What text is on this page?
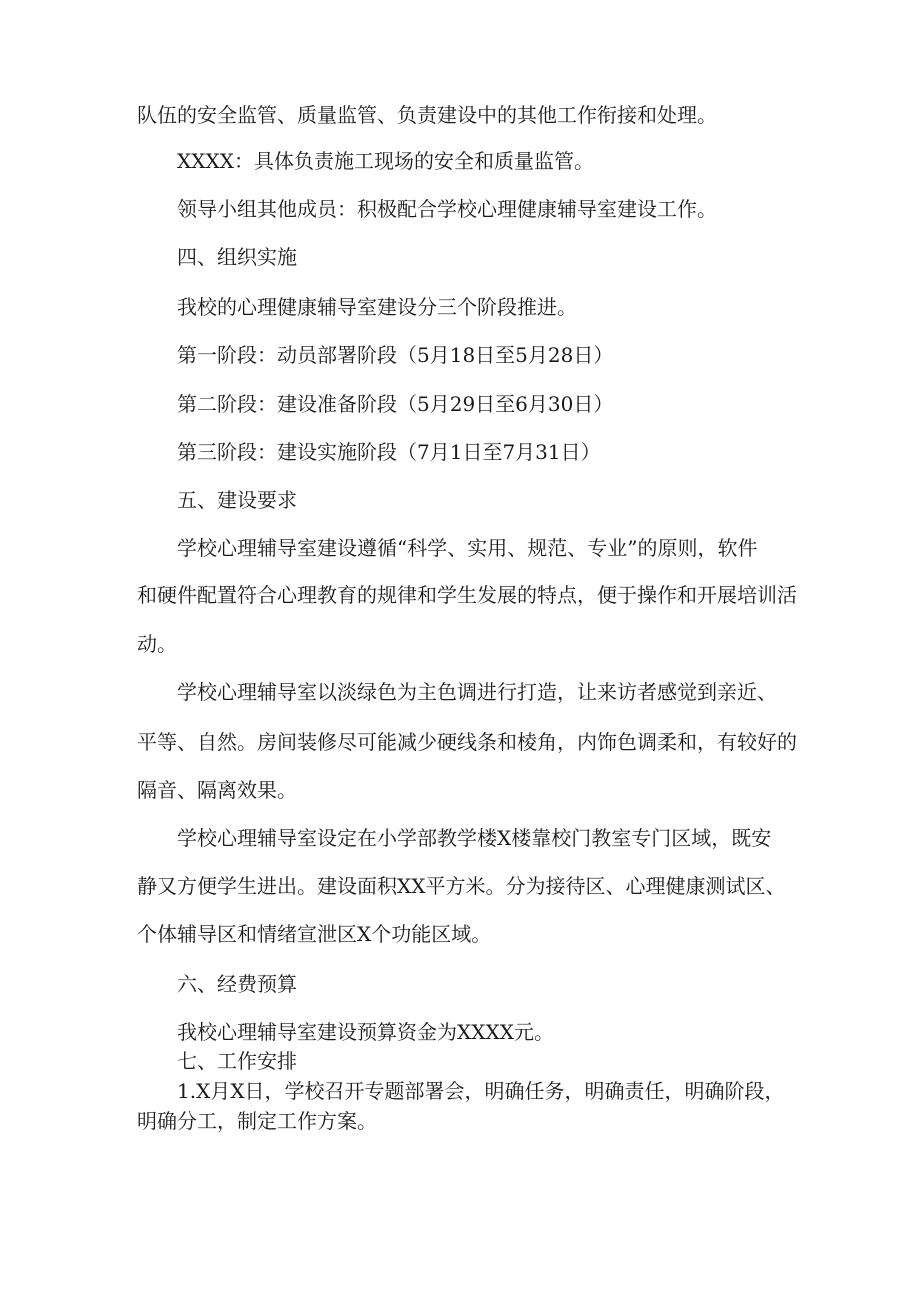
队伍的安全监管、质量监管、负责建设中的其他工作衔接和处理。
XXXX：具体负责施工现场的安全和质量监管。
领导小组其他成员：积极配合学校心理健康辅导室建设工作。
四、组织实施
我校的心理健康辅导室建设分三个阶段推进。
第一阶段：动员部署阶段（5月18日至5月28日）
第二阶段：建设准备阶段（5月29日至6月30日）
第三阶段：建设实施阶段（7月1日至7月31日）
五、建设要求
学校心理辅导室建设遵循“科学、实用、规范、专业”的原则，软件
和硬件配置符合心理教育的规律和学生发展的特点，便于操作和开展培训活
动。
学校心理辅导室以淡绿色为主色调进行打造，让来访者感觉到亲近、
平等、自然。房间装修尽可能减少硬线条和棱角，内饰色调柔和，有较好的
隔音、隔离效果。
学校心理辅导室设定在小学部教学楼X楼靠校门教室专门区域，既安
静又方便学生进出。建设面积XX平方米。分为接待区、心理健康测试区、
个体辅导区和情绪宣泄区X个功能区域。
六、经费预算
我校心理辅导室建设预算资金为XXXX元。
七、工作安排
1.X月X日，学校召开专题部署会，明确任务，明确责任，明确阶段，
明确分工，制定工作方案。
